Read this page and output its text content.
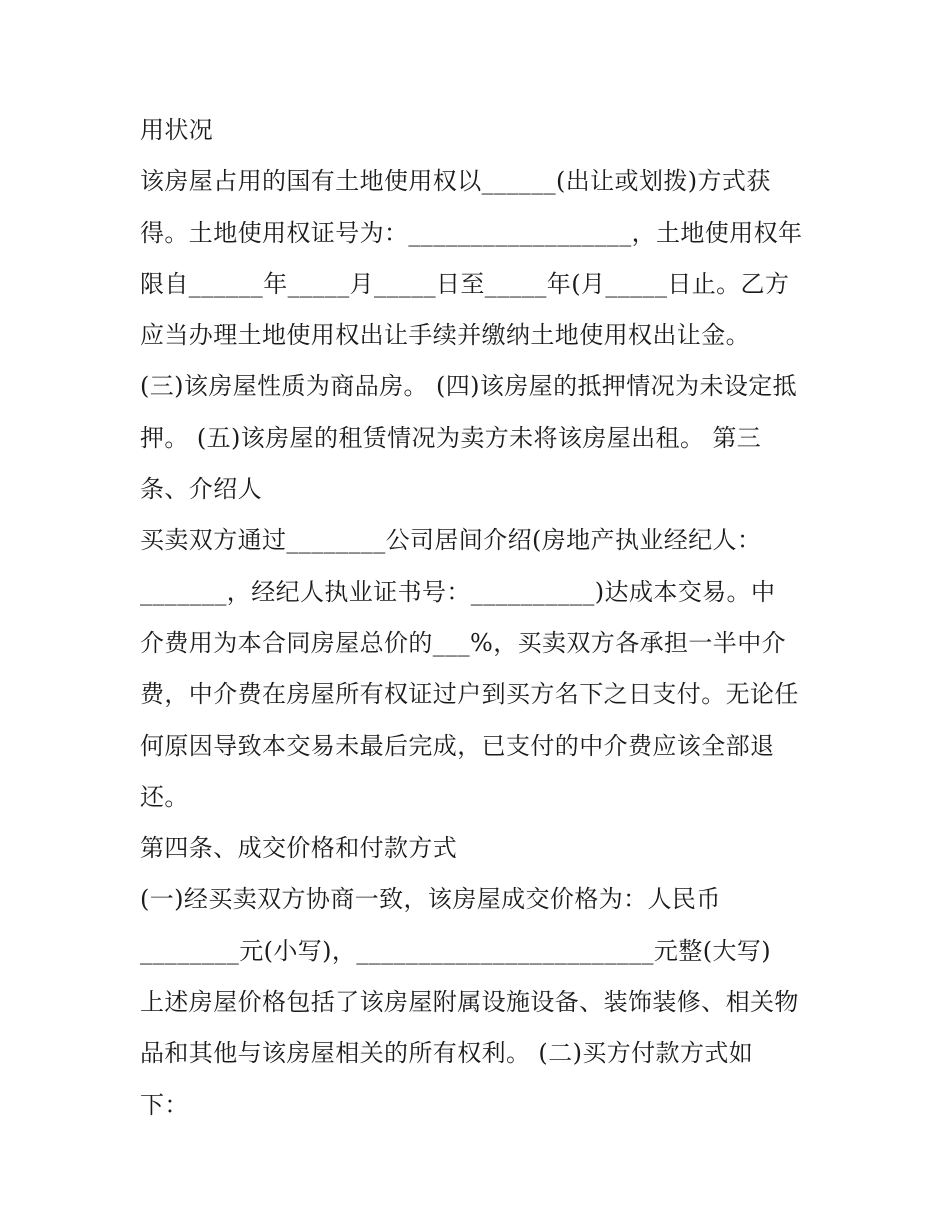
用状况
该房屋占用的国有土地使用权以______(出让或划拨)方式获
得。土地使用权证号为：__________________，土地使用权年
限自______年_____月_____日至_____年(月_____日止。乙方
应当办理土地使用权出让手续并缴纳土地使用权出让金。
(三)该房屋性质为商品房。 (四)该房屋的抵押情况为未设定抵
押。 (五)该房屋的租赁情况为卖方未将该房屋出租。 第三
条、介绍人
买卖双方通过________公司居间介绍(房地产执业经纪人：
_______，经纪人执业证书号：__________)达成本交易。中
介费用为本合同房屋总价的___%，买卖双方各承担一半中介
费，中介费在房屋所有权证过户到买方名下之日支付。无论任
何原因导致本交易未最后完成，已支付的中介费应该全部退
还。
第四条、成交价格和付款方式
(一)经买卖双方协商一致，该房屋成交价格为：人民币
________元(小写)，________________________元整(大写)
上述房屋价格包括了该房屋附属设施设备、装饰装修、相关物
品和其他与该房屋相关的所有权利。 (二)买方付款方式如
下：
